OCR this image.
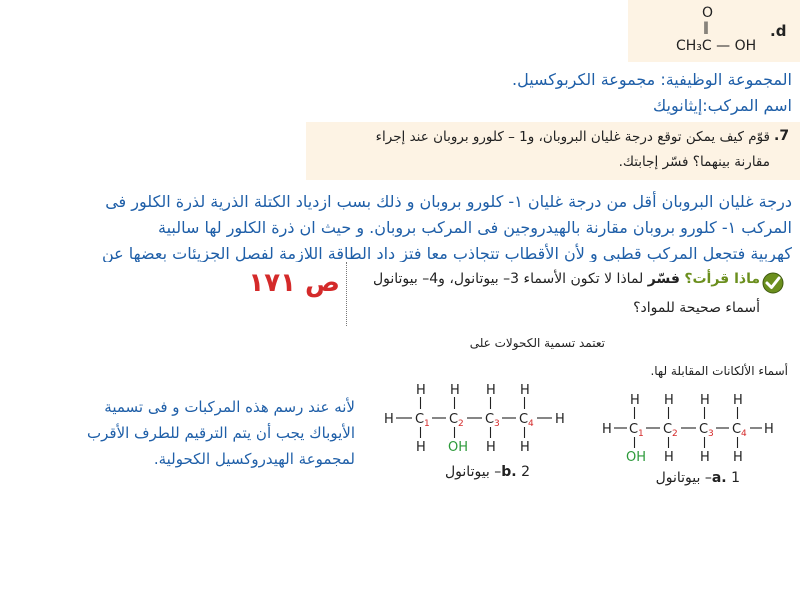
O
‖
CH₃C — OH
d.
المجموعة الوظيفية: مجموعة الكربوكسيل.
اسم المركب:إيثانويك
7.
قوّم كيف يمكن توقع درجة غليان البروبان، و1 – كلورو بروبان عند إجراء
مقارنة بينهما؟ فسّر إجابتك.
درجة غليان البروبان أقل من درجة غليان ١- كلورو بروبان و ذلك بسب ازدياد الكتلة الذرية لذرة الكلور فى
المركب ١- كلورو بروبان مقارنة بالهيدروجين فى المركب بروبان. و حيث ان ذرة الكلور لها سالبية
كهربية فتجعل المركب قطبي و لأن الأقطاب تتجاذب معا فتز داد الطاقة اللازمة لفصل الجزيئات بعضها عن
ص ١٧١	ماذا قرأت؟ فسّر لماذا لا تكون الأسماء 3– بيوتانول، و4– بيوتانول
أسماء صحيحة للمواد؟
تعتمد تسمية الكحولات على
أسماء الألكانات المقابلة لها.
لأنه عند رسم هذه المركبات و فى تسمية
الأيوباك يجب أن يتم الترقيم للطرف الأقرب
لمجموعة الهيدروكسيل الكحولية.
H H H H
H C 1 C 2 C 3 C 4 H
H OH H H
b. 2– بيوتانول
H H H H
H C 1 C 2 C 3 C 4 H
OH H H H
a. 1– بيوتانول
